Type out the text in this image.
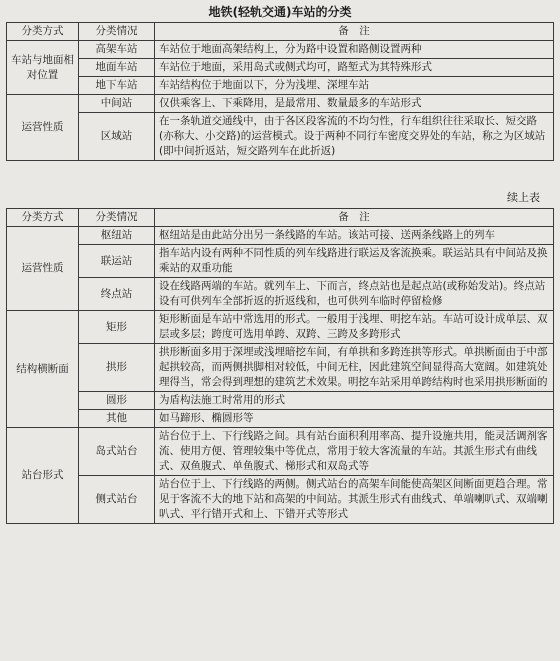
地铁(轻轨交通)车站的分类
分类方式	分类情况	备　注
车站与地面相对位置	高架车站	车站位于地面高架结构上，分为路中设置和路侧设置两种
	地面车站	车站位于地面，采用岛式或侧式均可，路堑式为其特殊形式
	地下车站	车站结构位于地面以下，分为浅埋、深埋车站
运营性质	中间站	仅供乘客上、下乘降用，是最常用、数量最多的车站形式
	区域站	在一条轨道交通线中，由于各区段客流的不均匀性，行车组织往往采取长、短交路(亦称大、小交路)的运营模式。设于两种不同行车密度交界处的车站，称之为区域站(即中间折返站，短交路列车在此折返)
续上表
分类方式	分类情况	备　注
运营性质	枢纽站	枢纽站是由此站分出另一条线路的车站。该站可接、送两条线路上的列车
	联运站	指车站内设有两种不同性质的列车线路进行联运及客流换乘。联运站具有中间站及换乘站的双重功能
	终点站	设在线路两端的车站。就列车上、下而言，终点站也是起点站(或称始发站)。终点站设有可供列车全部折返的折返线和，也可供列车临时停留检修
结构横断面	矩形	矩形断面是车站中常选用的形式。一般用于浅埋、明挖车站。车站可设计成单层、双层或多层；跨度可选用单跨、双跨、三跨及多跨形式
	拱形	拱形断面多用于深埋或浅埋暗挖车间，有单拱和多跨连拱等形式。单拱断面由于中部起拱较高，而两侧拱脚相对较低，中间无柱，因此建筑空间显得高大宽阔。如建筑处理得当，常会得到理想的建筑艺术效果。明挖车站采用单跨结构时也采用拱形断面的
	圆形	为盾构法施工时常用的形式
	其他	如马蹄形、椭圆形等
站台形式	岛式站台	站台位于上、下行线路之间。具有站台面积利用率高、提升设施共用，能灵活调剂客流、使用方便、管理较集中等优点，常用于较大客流量的车站。其派生形式有曲线式、双鱼腹式、单鱼腹式、梯形式和双岛式等
	侧式站台	站台位于上、下行线路的两侧。侧式站台的高架车间能使高架区间断面更趋合理。常见于客流不大的地下站和高架的中间站。其派生形式有曲线式、单端喇叭式、双端喇叭式、平行错开式和上、下错开式等形式
